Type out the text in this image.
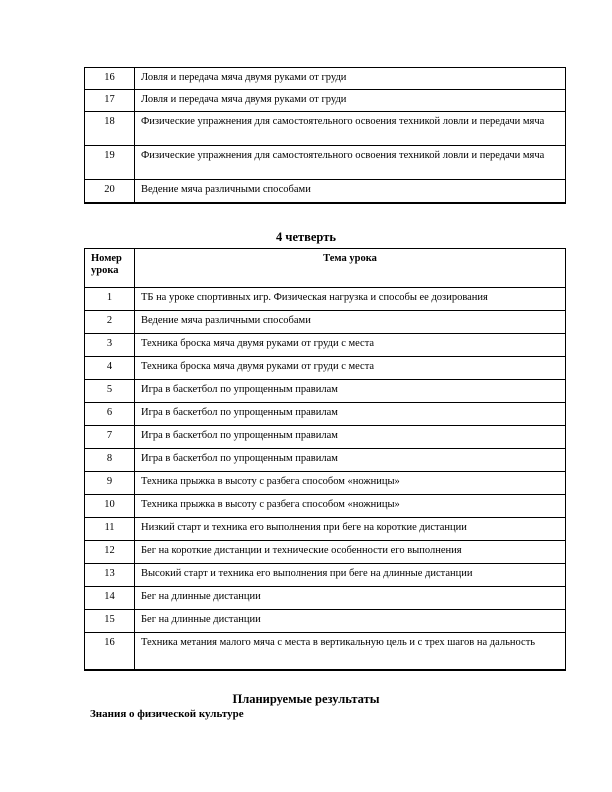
16	Ловля и передача мяча двумя руками от груди
17	Ловля и передача мяча двумя руками от груди
18	Физические упражнения для самостоятельного освоения техникой ловли и передачи мяча
19	Физические упражнения для самостоятельного освоения техникой ловли и передачи мяча
20	Ведение мяча различными способами
4 четверть
Номер урока	Тема урока
1	ТБ на уроке спортивных игр. Физическая нагрузка и способы ее дозирования
2	Ведение мяча различными способами
3	Техника броска мяча двумя руками от груди с места
4	Техника броска мяча двумя руками от груди с места
5	Игра в баскетбол по упрощенным правилам
6	Игра в баскетбол по упрощенным правилам
7	Игра в баскетбол по упрощенным правилам
8	Игра в баскетбол по упрощенным правилам
9	Техника прыжка в высоту с разбега способом «ножницы»
10	Техника прыжка в высоту с разбега способом «ножницы»
11	Низкий старт и техника его выполнения при беге на короткие дистанции
12	Бег на короткие дистанции и технические особенности его выполнения
13	Высокий старт и техника его выполнения при беге на длинные дистанции
14	Бег на длинные дистанции
15	Бег на длинные дистанции
16	Техника метания малого мяча с места в вертикальную цель и с трех шагов на дальность
Планируемые результаты
Знания о физической культуре
